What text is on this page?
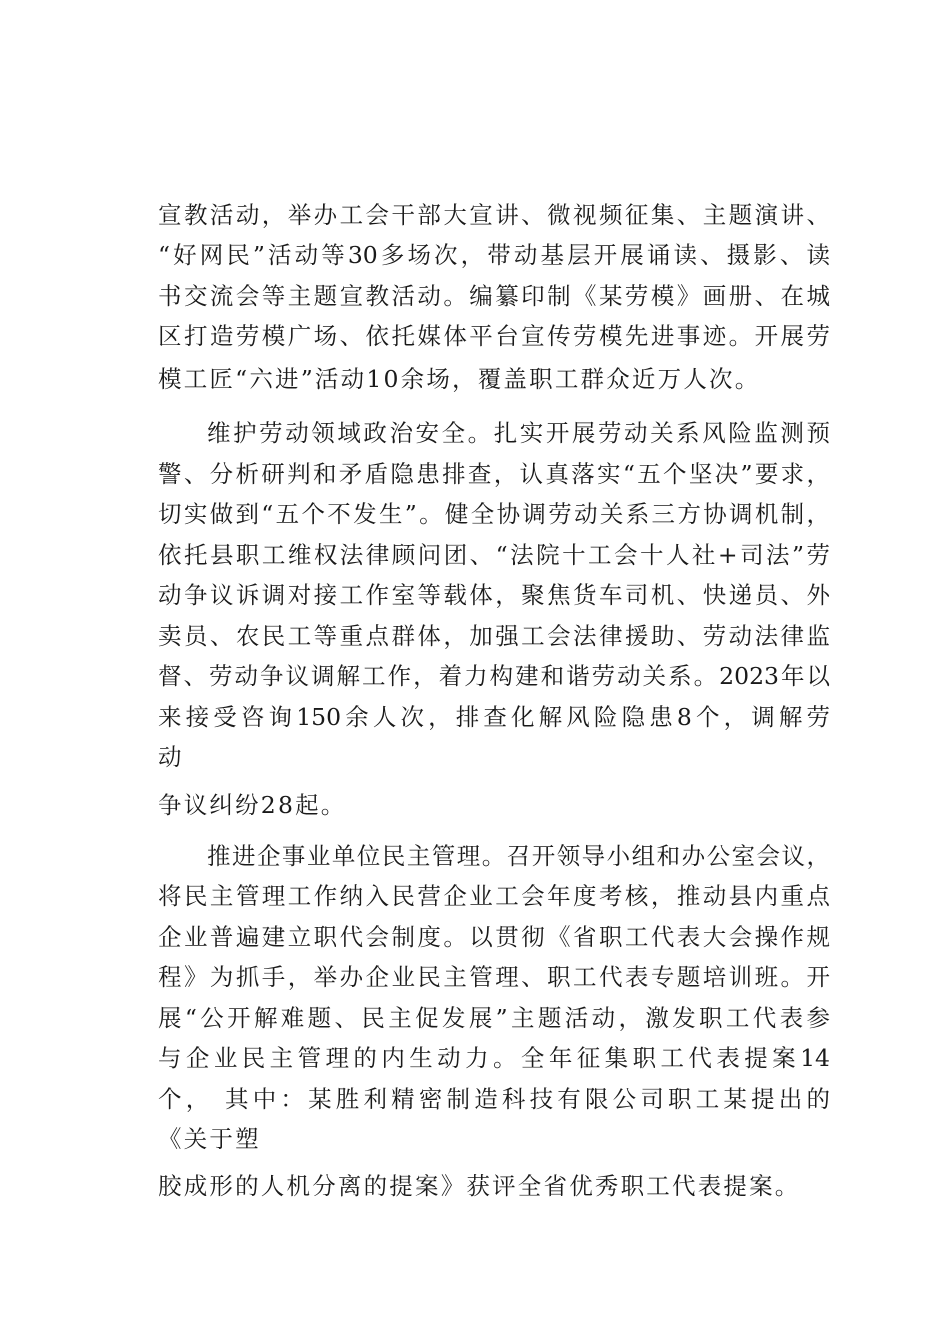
宣教活动，举办工会干部大宣讲、微视频征集、主题演讲、
“好网民”活动等30多场次，带动基层开展诵读、摄影、读
书交流会等主题宣教活动。编纂印制《某劳模》画册、在城
区打造劳模广场、依托媒体平台宣传劳模先进事迹。开展劳
模工匠“六进”活动10余场，覆盖职工群众近万人次。
维护劳动领域政治安全。扎实开展劳动关系风险监测预
警、分析研判和矛盾隐患排查，认真落实“五个坚决”要求，
切实做到“五个不发生”。健全协调劳动关系三方协调机制，
依托县职工维权法律顾问团、“法院十工会十人社+司法”劳
动争议诉调对接工作室等载体，聚焦货车司机、快递员、外
卖员、农民工等重点群体，加强工会法律援助、劳动法律监
督、劳动争议调解工作，着力构建和谐劳动关系。2023年以
来接受咨询150余人次，排查化解风险隐患8个，调解劳
动
争议纠纷28起。
推进企事业单位民主管理。召开领导小组和办公室会议，
将民主管理工作纳入民营企业工会年度考核，推动县内重点
企业普遍建立职代会制度。以贯彻《省职工代表大会操作规
程》为抓手，举办企业民主管理、职工代表专题培训班。开
展“公开解难题、民主促发展”主题活动，激发职工代表参
与企业民主管理的内生动力。全年征集职工代表提案14
个， 其中：某胜利精密制造科技有限公司职工某提出的
《关于塑
胶成形的人机分离的提案》获评全省优秀职工代表提案。
